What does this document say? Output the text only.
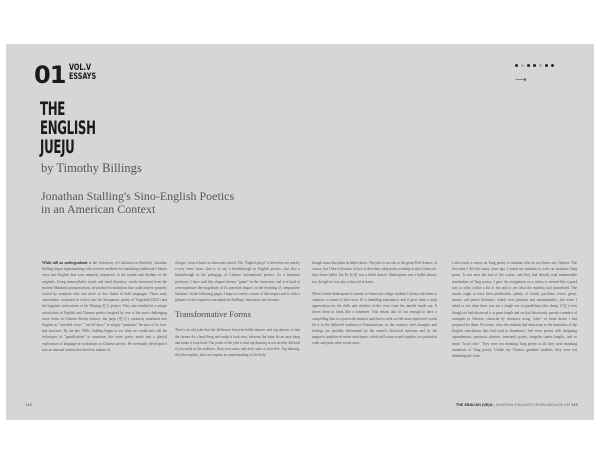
01 VOL.V
ESSAYS
THE
ENGLISH
JUEJU
by Timothy Billings
Jonathan Stalling's Sino-English Poetics
in an American Context
⟶

While still an undergraduate at the University of California in Berkeley, Jonathan Stalling began experimenting with creative methods for translating traditional Chinese verse into English that were uniquely responsive to the sounds and rhythms of the originals. Using monosyllabic words and tonal diacritics, words borrowed from the modern Mandarin pronunciations, he produced translations that could only be properly voiced by someone who was more or less fluent in both languages. These early experiments continued to evolve into the Sinophonic poetry of Yingelishi (2011) and the linguistic innovations of the Pinying 英文 project. They also resulted in a unique articulation of English and Chinese poetics inspired by one of the most challenging verse forms in Chinese literary history: the jueju (绝句), variously translated into English as "curtailed verse," "cut-off lines," or simply "quatrains" because of its four-line structure. By the late 1990s, Stalling began to use what we would now call the techniques of "gamification" to transform this verse poetic mode into a playful exploration of language in workshops on Chinese poetics. He eventually developed it into an unusual context that involves makers of

all ages, from schools to obsession school. The "English jueju" is therefore not merely a new verse form—that is to say a breakthrough in English poetics—but also a breakthrough in the pedagogy of Chinese international poetics. As a literature professor, I have said this elegant literary "game" in the classroom, and it is hard to overemphasize the magnitude of its potential impact on the teaching of comparative literature. In the following pages, I hope to convey a sense of that impact and to offer a glimpse of the exquisite conceptual art Stalling's innovation has become.

Transformative Forms

There's an old joke that the difference between ballet dancers and tap dancers is that the former do a hard thing and make it look easy, whereas the latter do an easy thing and make it look hard. The point of the joke is that tap dancing is not terribly difficult if you smile at the audience, float your arms, and don't stare at your feet. Tap dancing, the joke implies, does not require an understanding of the body

though same discipline in ballet dance. The joke is not fair to the great Fred Astaire, of course, but I like it because of how it describes what poets working in strict forms do: they dance ballet. Du Fu 杜甫 was a ballet dancer. Shakespeare was a ballet dancer, too, though he was also a showoff at times.

When I teach Shakespeare's sonnets to American college students I always ask them to compose a sonnet of their own. It's a humbling experience, and it gives them a deep appreciation for the skills and rhythms of the verse from the outside inside out. It forces them to think like a sonneteer. This means that it's not enough to have a compelling idea or a powerful emotion and then to seek out the most expressive words for it in the hallowed tradition of Romanticism; on the contrary, one's thoughts and feelings are partially determined by the sonnet's historical structure and by the magnetic qualities of meter and rhyme, which pull some words together in a particular order and push other words away.

I also teach a course on Tang poetry to students who do not know any Chinese. The first time I did this many years ago, I asked my students to write an imitation Tang poem. It was near the end of the course, and they had already read innumerable translations of Tang poetry. I gave the assignment on a whim; it seemed like a good way to relax within a bit of fun and to see what the students had assimilated. The results ought to have been predictable—plenty of clouds, pavilions, rivers, geese, moons, and peach blossoms, which were pleasant and unremarkable—but when I asked to see what there was not a single use of parallelism (dui zhang 对仗) even though we had discussed it at great length and we had laboriously parsed a number of examples in Chinese, character by character, using "cribs" or cheat sheets I had prepared for them. Of course, what the students had shown me in the imitations of the English translations they had read in abundance: free verse poems with intriguing enjambments, paratactic phrases, truncated syntax, irregular stanza lengths, and so much "local color." They were not imitating Tang poetry at all; they were imitating imitations of Tang poetry. Unlike my Chinese graduate students, they were not inhabiting the form

148	THE ENGLISH JUEJU | JONATHAN STALLING'S INTERLANGUAGE ART 149
